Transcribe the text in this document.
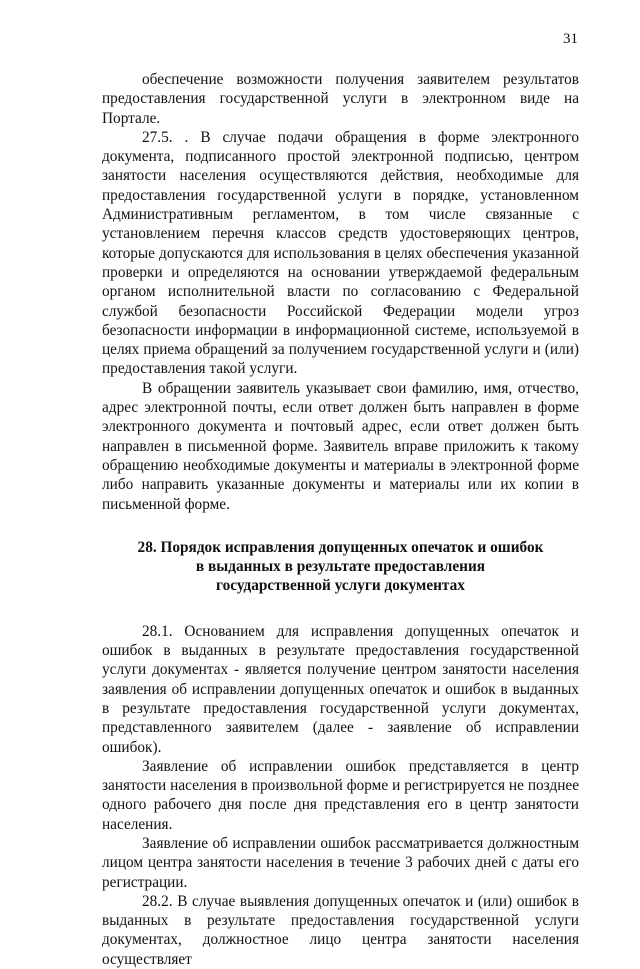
31

обеспечение возможности получения заявителем результатов предоставления государственной услуги в электронном виде на Портале.

27.5. . В случае подачи обращения в форме электронного документа, подписанного простой электронной подписью, центром занятости населения осуществляются действия, необходимые для предоставления государственной услуги в порядке, установленном Административным регламентом, в том числе связанные с установлением перечня классов средств удостоверяющих центров, которые допускаются для использования в целях обеспечения указанной проверки и определяются на основании утверждаемой федеральным органом исполнительной власти по согласованию с Федеральной службой безопасности Российской Федерации модели угроз безопасности информации в информационной системе, используемой в целях приема обращений за получением государственной услуги и (или) предоставления такой услуги.

В обращении заявитель указывает свои фамилию, имя, отчество, адрес электронной почты, если ответ должен быть направлен в форме электронного документа и почтовый адрес, если ответ должен быть направлен в письменной форме. Заявитель вправе приложить к такому обращению необходимые документы и материалы в электронной форме либо направить указанные документы и материалы или их копии в письменной форме.

28. Порядок исправления допущенных опечаток и ошибок
в выданных в результате предоставления
государственной услуги документах

28.1. Основанием для исправления допущенных опечаток и ошибок в выданных в результате предоставления государственной услуги документах - является получение центром занятости населения заявления об исправлении допущенных опечаток и ошибок в выданных в результате предоставления государственной услуги документах, представленного заявителем (далее - заявление об исправлении ошибок).

Заявление об исправлении ошибок представляется в центр занятости населения в произвольной форме и регистрируется не позднее одного рабочего дня после дня представления его в центр занятости населения.

Заявление об исправлении ошибок рассматривается должностным лицом центра занятости населения в течение 3 рабочих дней с даты его регистрации.

28.2. В случае выявления допущенных опечаток и (или) ошибок в выданных в результате предоставления государственной услуги документах, должностное лицо центра занятости населения осуществляет
